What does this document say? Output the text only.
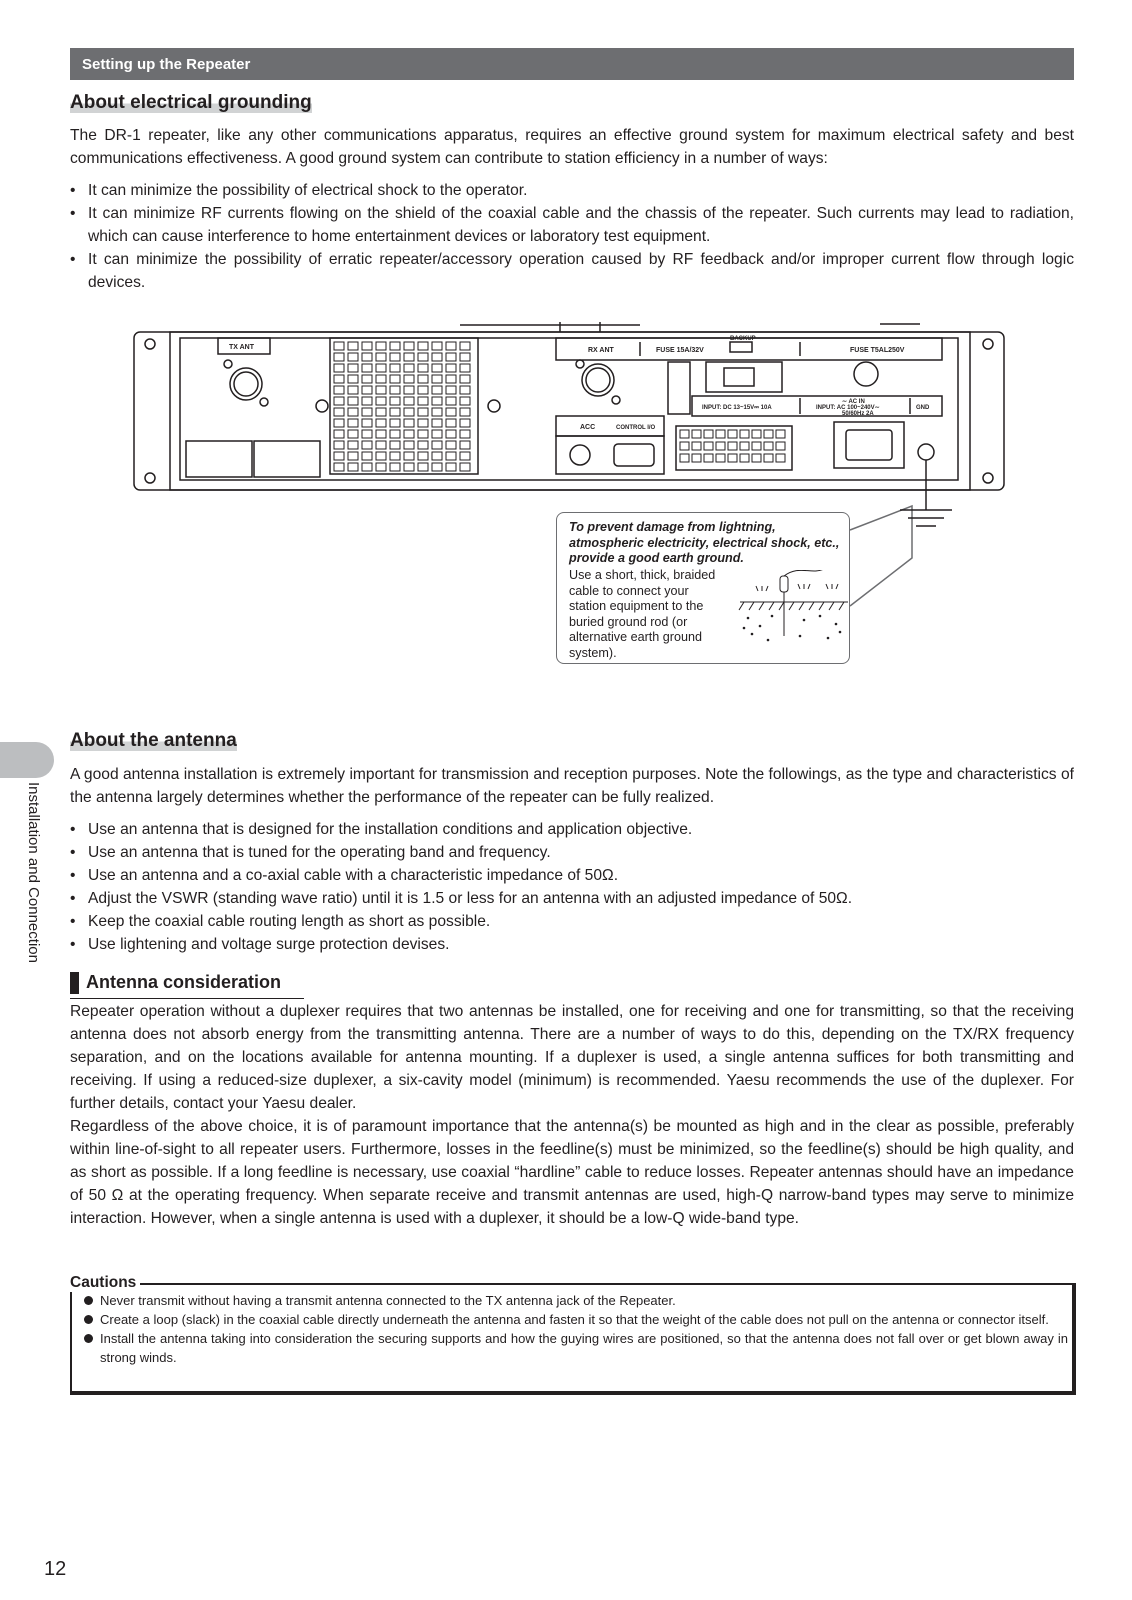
Setting up the Repeater
About electrical grounding
The DR-1 repeater, like any other communications apparatus, requires an effective ground system for maximum electrical safety and best communications effectiveness. A good ground system can contribute to station efficiency in a number of ways:
• It can minimize the possibility of electrical shock to the operator.
• It can minimize RF currents flowing on the shield of the coaxial cable and the chassis of the repeater. Such currents may lead to radiation, which can cause interference to home entertainment devices or laboratory test equipment.
• It can minimize the possibility of erratic repeater/accessory operation caused by RF feedback and/or improper current flow through logic devices.
TX ANT	RX ANT	FUSE 15A/32V
BACKUP
FUSE T5AL250V
ACC	CONTROL I/O
INPUT: DC 13~15V⎓ 10A
∼ AC IN
INPUT: AC 100~240V∼
50/60Hz 2A
GND
To prevent damage from lightning, atmospheric electricity, electrical shock, etc., provide a good earth ground.
Use a short, thick, braided cable to connect your station equipment to the buried ground rod (or alternative earth ground system).
About the antenna
A good antenna installation is extremely important for transmission and reception purposes. Note the followings, as the type and characteristics of the antenna largely determines whether the performance of the repeater can be fully realized.
• Use an antenna that is designed for the installation conditions and application objective.
• Use an antenna that is tuned for the operating band and frequency.
• Use an antenna and a co-axial cable with a characteristic impedance of 50Ω.
• Adjust the VSWR (standing wave ratio) until it is 1.5 or less for an antenna with an adjusted impedance of 50Ω.
• Keep the coaxial cable routing length as short as possible.
• Use lightening and voltage surge protection devises.
Antenna consideration
Repeater operation without a duplexer requires that two antennas be installed, one for receiving and one for transmitting, so that the receiving antenna does not absorb energy from the transmitting antenna. There are a number of ways to do this, depending on the TX/RX frequency separation, and on the locations available for antenna mounting. If a duplexer is used, a single antenna suffices for both transmitting and receiving. If using a reduced-size duplexer, a six-cavity model (minimum) is recommended. Yaesu recommends the use of the duplexer. For further details, contact your Yaesu dealer.
Regardless of the above choice, it is of paramount importance that the antenna(s) be mounted as high and in the clear as possible, preferably within line-of-sight to all repeater users. Furthermore, losses in the feedline(s) must be minimized, so the feedline(s) should be high quality, and as short as possible. If a long feedline is necessary, use coaxial “hardline” cable to reduce losses. Repeater antennas should have an impedance of 50 Ω at the operating frequency. When separate receive and transmit antennas are used, high-Q narrow-band types may serve to minimize interaction. However, when a single antenna is used with a duplexer, it should be a low-Q wide-band type.
Never transmit without having a transmit antenna connected to the TX antenna jack of the Repeater.
Create a loop (slack) in the coaxial cable directly underneath the antenna and fasten it so that the weight of the cable does not pull on the antenna or connector itself.
Install the antenna taking into consideration the securing supports and how the guying wires are positioned, so that the antenna does not fall over or get blown away in strong winds.
Cautions
Installation and Connection
12
